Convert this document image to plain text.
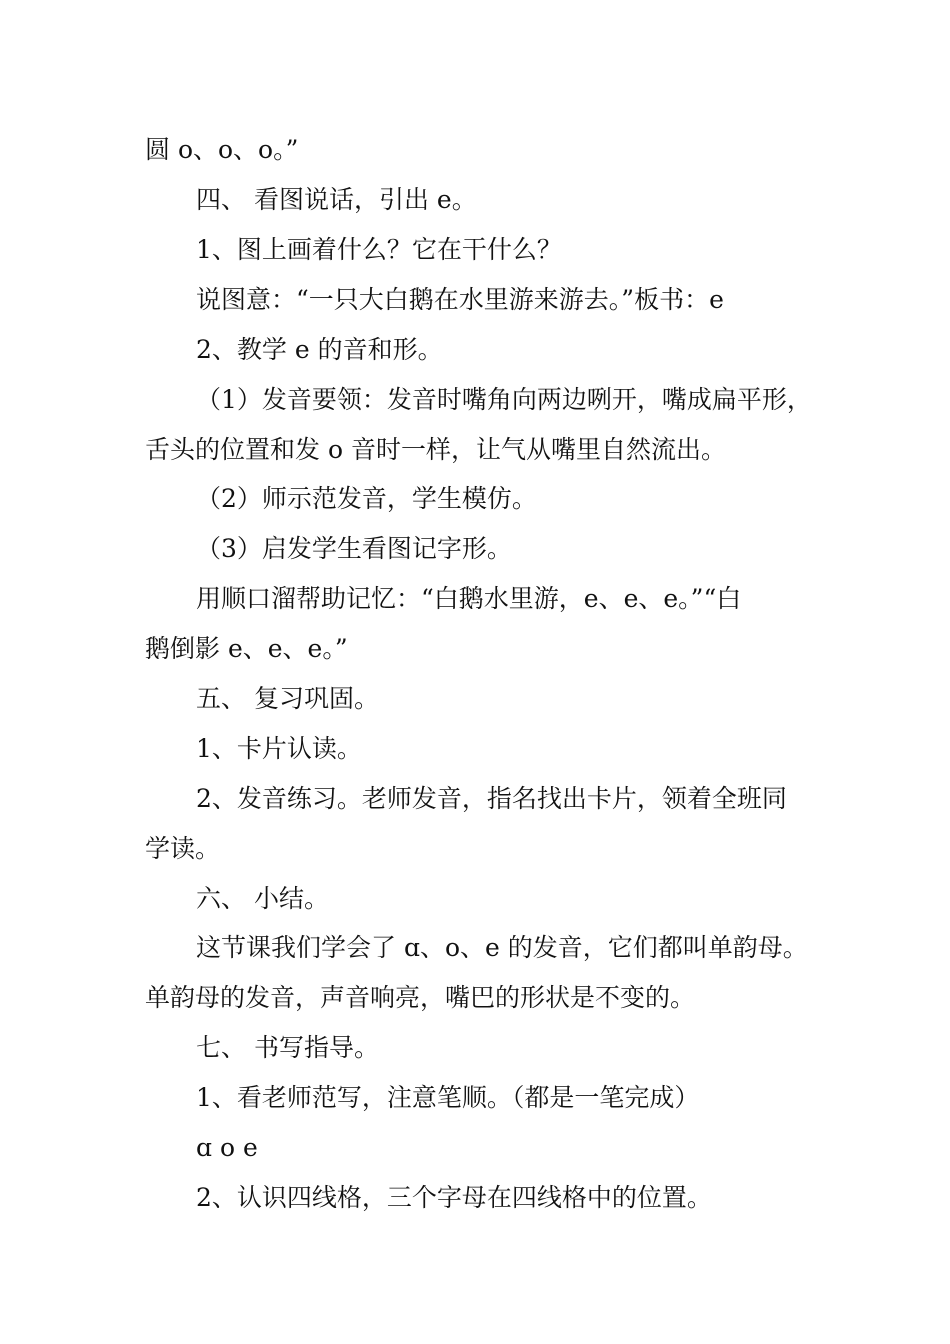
圆 o、o、o。”

四、 看图说话，引出 e。

1、图上画着什么？它在干什么？

说图意：“一只大白鹅在水里游来游去。”板书：e

2、教学 e 的音和形。

（1）发音要领：发音时嘴角向两边咧开，嘴成扁平形，

舌头的位置和发 o 音时一样，让气从嘴里自然流出。

（2）师示范发音，学生模仿。

（3）启发学生看图记字形。

用顺口溜帮助记忆：“白鹅水里游，e、e、e。”“白

鹅倒影 e、e、e。”

五、 复习巩固。

1、卡片认读。

2、发音练习。老师发音，指名找出卡片，领着全班同

学读。

六、 小结。

这节课我们学会了 ɑ、o、e 的发音，它们都叫单韵母。

单韵母的发音，声音响亮，嘴巴的形状是不变的。

七、 书写指导。

1、看老师范写，注意笔顺。（都是一笔完成）

ɑ o e

2、认识四线格，三个字母在四线格中的位置。
